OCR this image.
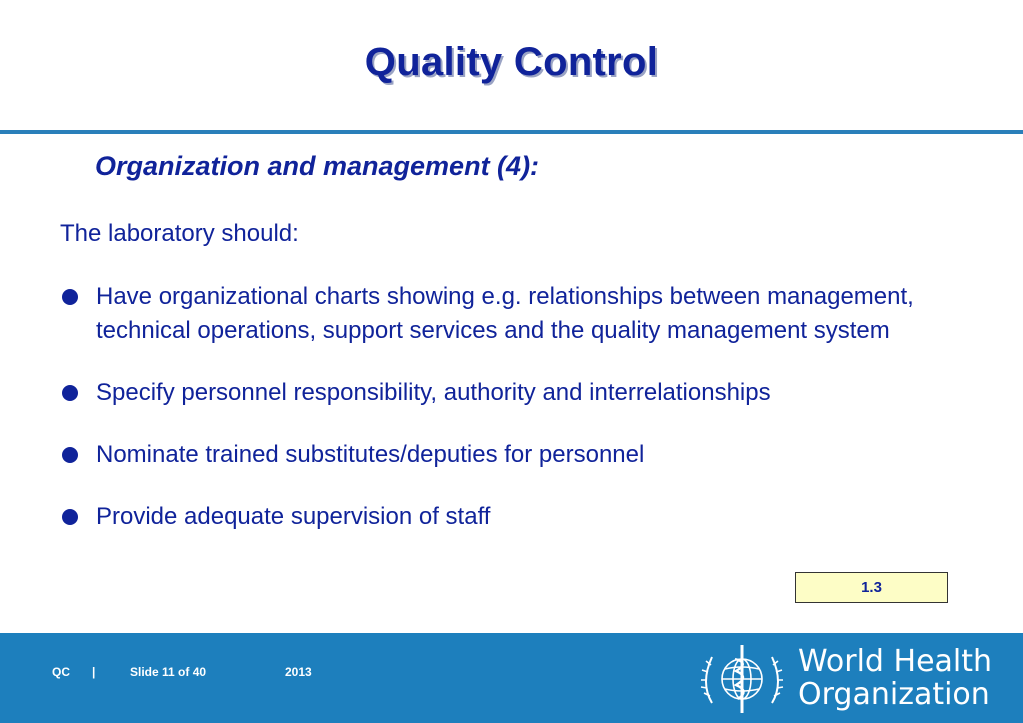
Quality Control
Organization and management (4):
The laboratory should:
Have organizational charts showing e.g. relationships between management, technical operations, support services and the quality management system
Specify personnel responsibility, authority and interrelationships
Nominate trained substitutes/deputies for personnel
Provide adequate supervision of staff
1.3
QC |	Slide 11 of 40	2013	World Health
Organization
